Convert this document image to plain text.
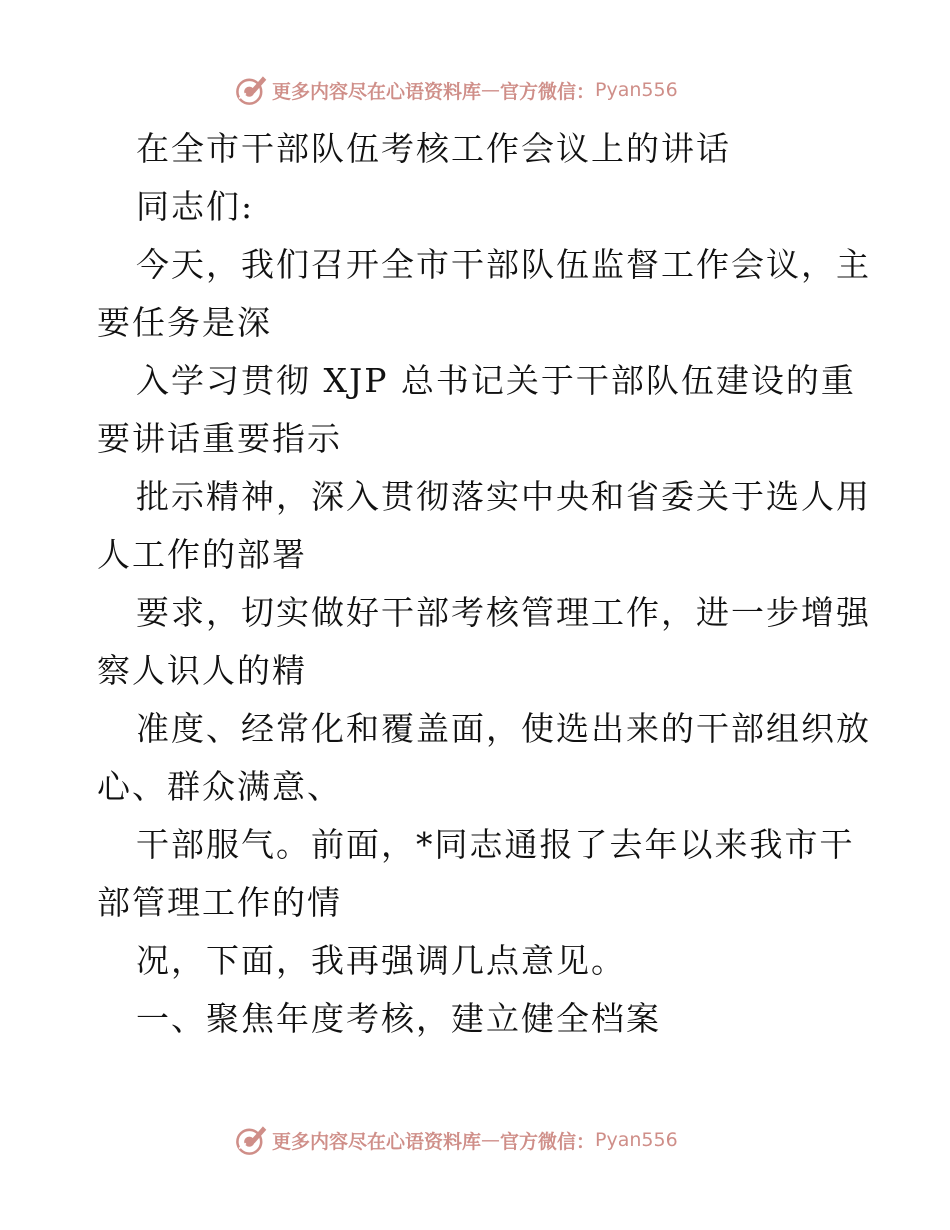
更多内容尽在心语资料库 — 官方微信： Pyan556
在全市干部队伍考核工作会议上的讲话
同志们:
今天，我们召开全市干部队伍监督工作会议，主
要任务是深
入学习贯彻 XJP 总书记关于干部队伍建设的重
要讲话重要指示
批示精神，深入贯彻落实中央和省委关于选人用
人工作的部署
要求，切实做好干部考核管理工作，进一步增强
察人识人的精
准度、经常化和覆盖面，使选出来的干部组织放
心、群众满意、
干部服气。前面，*同志通报了去年以来我市干
部管理工作的情
况，下面，我再强调几点意见。
一、聚焦年度考核，建立健全档案
更多内容尽在心语资料库 — 官方微信： Pyan556
